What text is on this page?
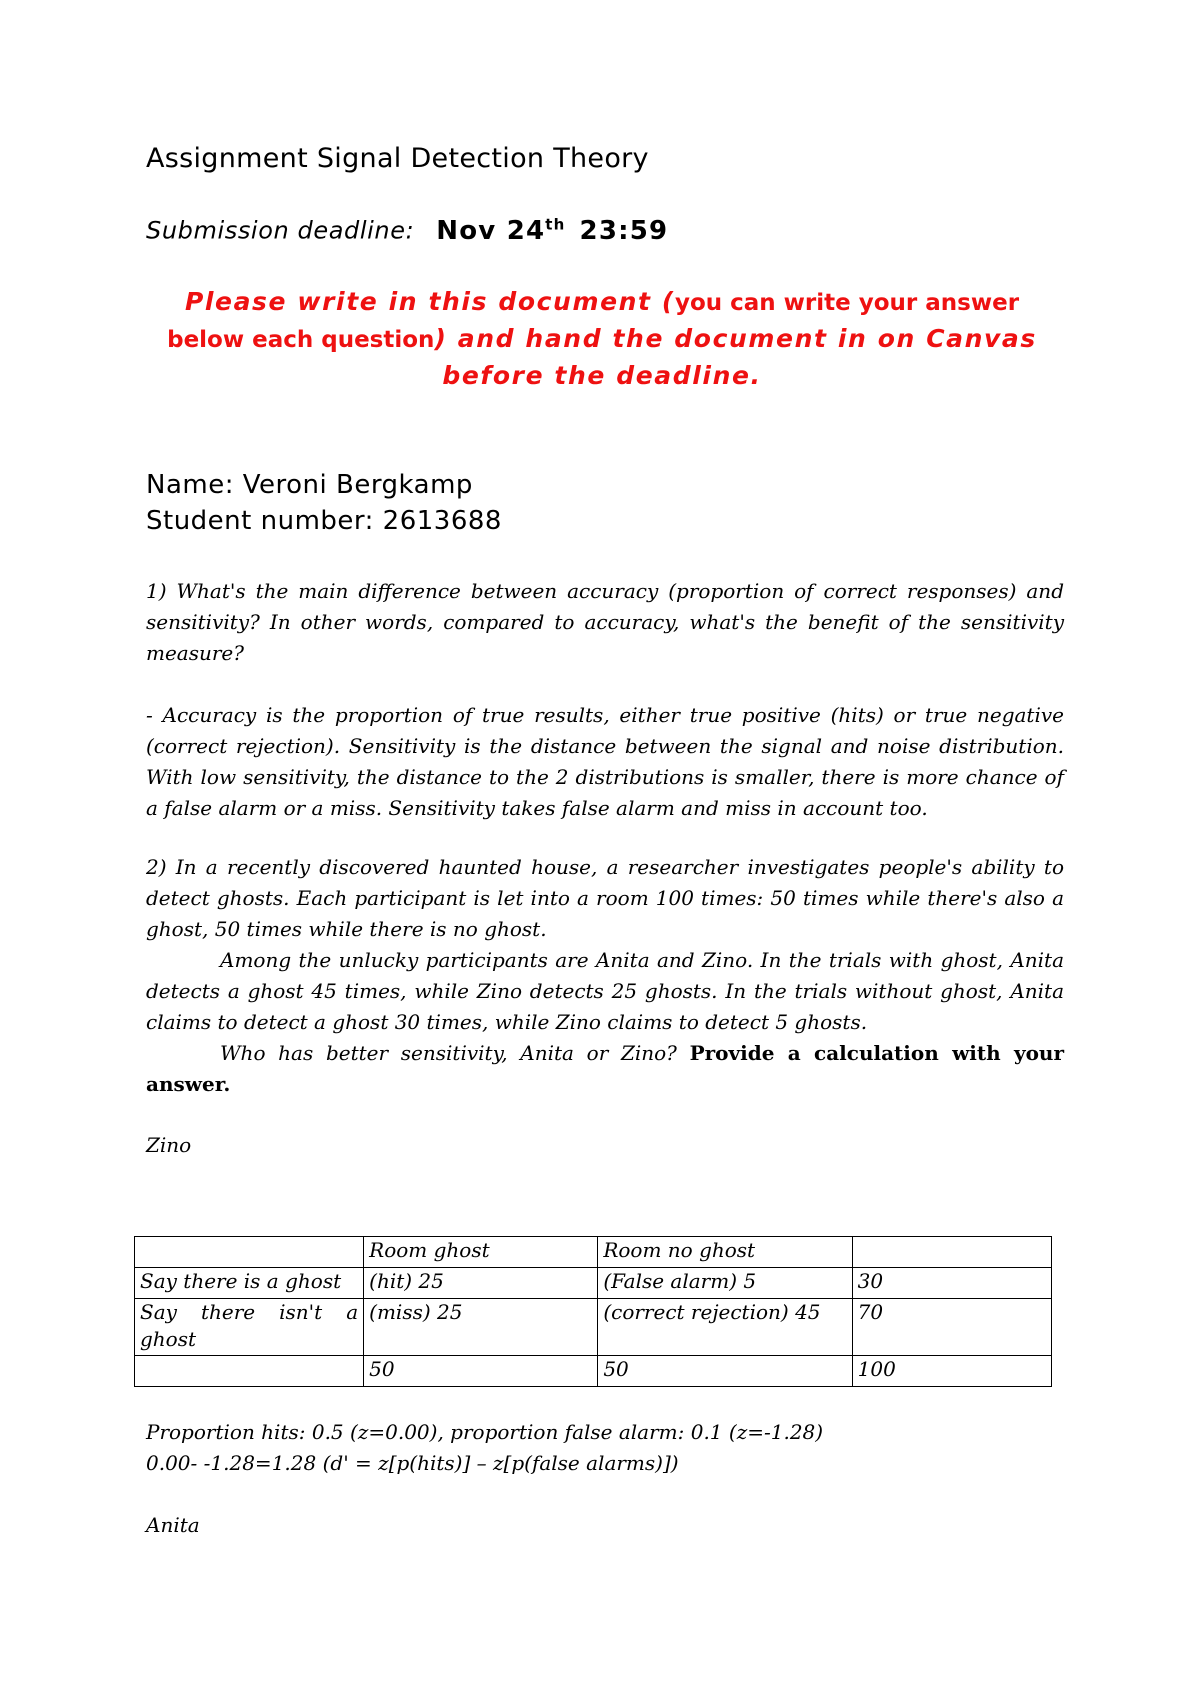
Assignment Signal Detection Theory
Submission deadline: Nov 24th 23:59
Please write in this document (you can write your answer below each question) and hand the document in on Canvas before the deadline.
Name: Veroni Bergkamp
Student number: 2613688

1) What's the main difference between accuracy (proportion of correct responses) and sensitivity? In other words, compared to accuracy, what's the benefit of the sensitivity measure?

- Accuracy is the proportion of true results, either true positive (hits) or true negative (correct rejection). Sensitivity is the distance between the signal and noise distribution. With low sensitivity, the distance to the 2 distributions is smaller, there is more chance of a false alarm or a miss. Sensitivity takes false alarm and miss in account too.

2) In a recently discovered haunted house, a researcher investigates people's ability to detect ghosts. Each participant is let into a room 100 times: 50 times while there's also a ghost, 50 times while there is no ghost.
Among the unlucky participants are Anita and Zino. In the trials with ghost, Anita detects a ghost 45 times, while Zino detects 25 ghosts. In the trials without ghost, Anita claims to detect a ghost 30 times, while Zino claims to detect 5 ghosts.
Who has better sensitivity, Anita or Zino? Provide a calculation with your answer.
Zino
	Room ghost	Room no ghost	
Say there is a ghost	(hit) 25	(False alarm) 5	30
Say there isn't a ghost	(miss) 25	(correct rejection) 45	70
	50	50	100
Proportion hits: 0.5 (z=0.00), proportion false alarm: 0.1 (z=-1.28)
0.00- -1.28=1.28 (d' = z[p(hits)] – z[p(false alarms)])
Anita
